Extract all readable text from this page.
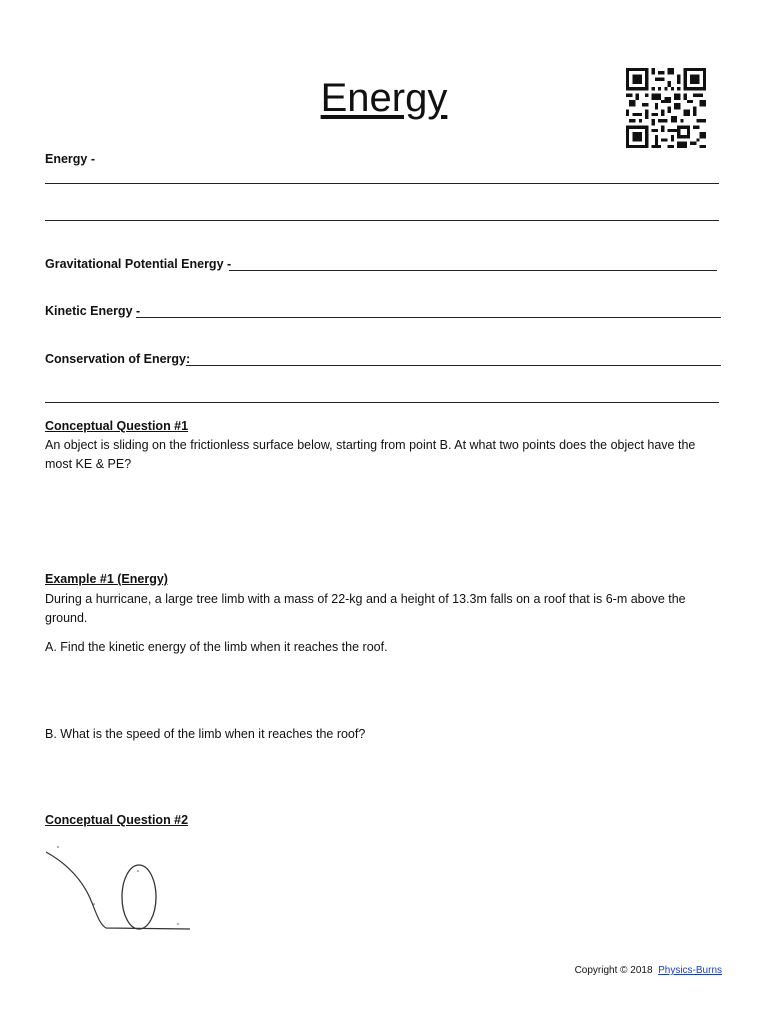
Energy
Energy -
Gravitational Potential Energy -
Kinetic Energy -
Conservation of Energy:
Conceptual Question #1
An object is sliding on the frictionless surface below, starting from point B. At what two points does the object have the most KE & PE?
Example #1 (Energy)
During a hurricane, a large tree limb with a mass of 22-kg and a height of 13.3m falls on a roof that is 6-m above the ground.
A. Find the kinetic energy of the limb when it reaches the roof.
B. What is the speed of the limb when it reaches the roof?
Conceptual Question #2
Copyright © 2018 Physics-Burns
